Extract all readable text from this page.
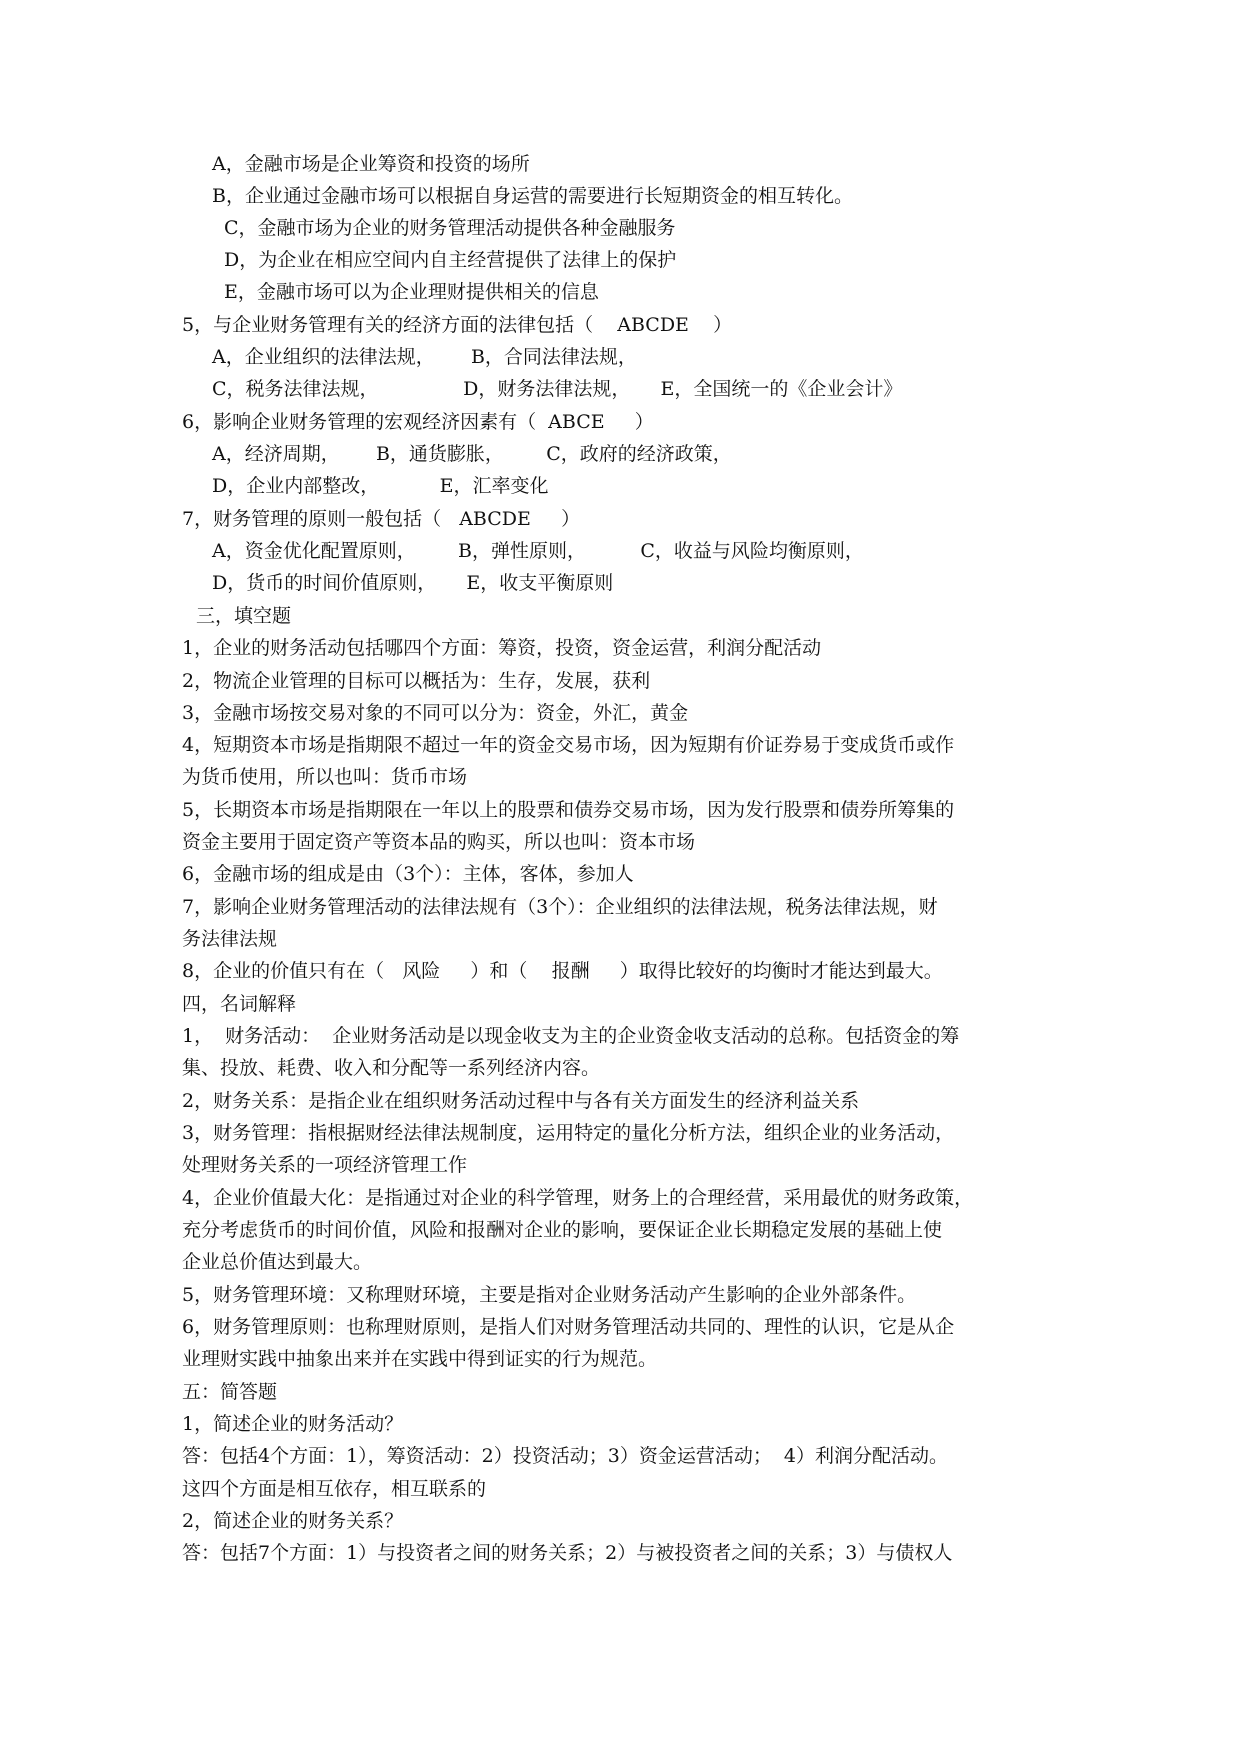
A，金融市场是企业筹资和投资的场所
B，企业通过金融市场可以根据自身运营的需要进行长短期资金的相互转化。
C，金融市场为企业的财务管理活动提供各种金融服务
D，为企业在相应空间内自主经营提供了法律上的保护
E，金融市场可以为企业理财提供相关的信息
5，与企业财务管理有关的经济方面的法律包括（    ABCDE    ）
A，企业组织的法律法规，      B，合同法律法规，
C，税务法律法规，              D，财务法律法规，     E，全国统一的《企业会计》
6，影响企业财务管理的宏观经济因素有（  ABCE     ）
A，经济周期，      B，通货膨胀，       C，政府的经济政策，
D，企业内部整改，          E，汇率变化
7，财务管理的原则一般包括（   ABCDE     ）
A，资金优化配置原则，       B，弹性原则，         C，收益与风险均衡原则，
D，货币的时间价值原则，     E，收支平衡原则
三，填空题
1，企业的财务活动包括哪四个方面：筹资，投资，资金运营，利润分配活动
2，物流企业管理的目标可以概括为：生存，发展，获利
3，金融市场按交易对象的不同可以分为：资金，外汇，黄金
4，短期资本市场是指期限不超过一年的资金交易市场，因为短期有价证券易于变成货币或作
为货币使用，所以也叫：货币市场
5，长期资本市场是指期限在一年以上的股票和债券交易市场，因为发行股票和债券所筹集的
资金主要用于固定资产等资本品的购买，所以也叫：资本市场
6，金融市场的组成是由（3个）：主体，客体，参加人
7，影响企业财务管理活动的法律法规有（3个）：企业组织的法律法规，税务法律法规，财
务法律法规
8，企业的价值只有在（   风险     ）和（    报酬     ）取得比较好的均衡时才能达到最大。
四，名词解释
1，  财务活动：  企业财务活动是以现金收支为主的企业资金收支活动的总称。包括资金的筹
集、投放、耗费、收入和分配等一系列经济内容。
2，财务关系：是指企业在组织财务活动过程中与各有关方面发生的经济利益关系
3，财务管理：指根据财经法律法规制度，运用特定的量化分析方法，组织企业的业务活动，
处理财务关系的一项经济管理工作
4，企业价值最大化：是指通过对企业的科学管理，财务上的合理经营，采用最优的财务政策，
充分考虑货币的时间价值，风险和报酬对企业的影响，要保证企业长期稳定发展的基础上使
企业总价值达到最大。
5，财务管理环境：又称理财环境，主要是指对企业财务活动产生影响的企业外部条件。
6，财务管理原则：也称理财原则，是指人们对财务管理活动共同的、理性的认识，它是从企
业理财实践中抽象出来并在实践中得到证实的行为规范。
五：简答题
1，简述企业的财务活动？
答：包括4个方面：1），筹资活动：2）投资活动；3）资金运营活动；  4）利润分配活动。
这四个方面是相互依存，相互联系的
2，简述企业的财务关系？
答：包括7个方面：1）与投资者之间的财务关系；2）与被投资者之间的关系；3）与债权人
